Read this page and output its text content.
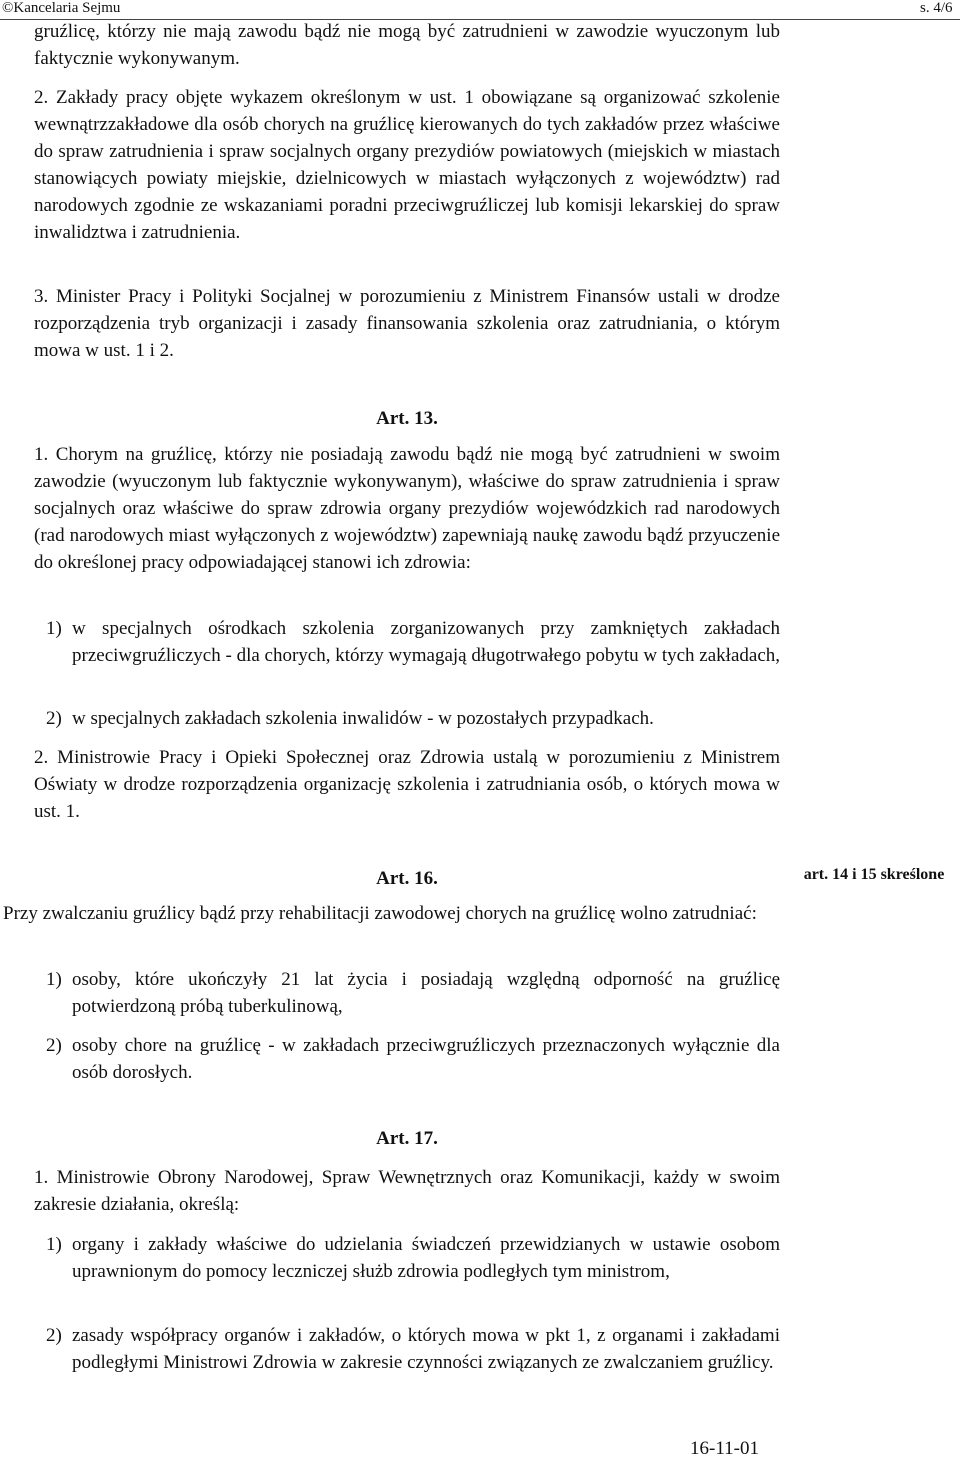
©Kancelaria Sejmu	s. 4/6

gruźlicę, którzy nie mają zawodu bądź nie mogą być zatrudnieni w zawodzie wyuczonym lub faktycznie wykonywanym.

2. Zakłady pracy objęte wykazem określonym w ust. 1 obowiązane są organizować szkolenie wewnątrzzakładowe dla osób chorych na gruźlicę kierowanych do tych zakładów przez właściwe do spraw zatrudnienia i spraw socjalnych organy prezydiów powiatowych (miejskich w miastach stanowiących powiaty miejskie, dzielnicowych w miastach wyłączonych z województw) rad narodowych zgodnie ze wskazaniami poradni przeciwgruźliczej lub komisji lekarskiej do spraw inwalidztwa i zatrudnienia.

3. Minister Pracy i Polityki Socjalnej w porozumieniu z Ministrem Finansów ustali w drodze rozporządzenia tryb organizacji i zasady finansowania szkolenia oraz zatrudniania, o którym mowa w ust. 1 i 2.

Art. 13.

1. Chorym na gruźlicę, którzy nie posiadają zawodu bądź nie mogą być zatrudnieni w swoim zawodzie (wyuczonym lub faktycznie wykonywanym), właściwe do spraw zatrudnienia i spraw socjalnych oraz właściwe do spraw zdrowia organy prezydiów wojewódzkich rad narodowych (rad narodowych miast wyłączonych z województw) zapewniają naukę zawodu bądź przyuczenie do określonej pracy odpowiadającej stanowi ich zdrowia:

1) w specjalnych ośrodkach szkolenia zorganizowanych przy zamkniętych zakładach przeciwgruźliczych - dla chorych, którzy wymagają długotrwałego pobytu w tych zakładach,

2) w specjalnych zakładach szkolenia inwalidów - w pozostałych przypadkach.

2. Ministrowie Pracy i Opieki Społecznej oraz Zdrowia ustalą w porozumieniu z Ministrem Oświaty w drodze rozporządzenia organizację szkolenia i zatrudniania osób, o których mowa w ust. 1.

art. 14 i 15 skreślone
Art. 16.

Przy zwalczaniu gruźlicy bądź przy rehabilitacji zawodowej chorych na gruźlicę wolno zatrudniać:

1) osoby, które ukończyły 21 lat życia i posiadają względną odporność na gruźlicę potwierdzoną próbą tuberkulinową,

2) osoby chore na gruźlicę - w zakładach przeciwgruźliczych przeznaczonych wyłącznie dla osób dorosłych.

Art. 17.

1. Ministrowie Obrony Narodowej, Spraw Wewnętrznych oraz Komunikacji, każdy w swoim zakresie działania, określą:

1) organy i zakłady właściwe do udzielania świadczeń przewidzianych w ustawie osobom uprawnionym do pomocy leczniczej służb zdrowia podległych tym ministrom,

2) zasady współpracy organów i zakładów, o których mowa w pkt 1, z organami i zakładami podległymi Ministrowi Zdrowia w zakresie czynności związanych ze zwalczaniem gruźlicy.

16-11-01
